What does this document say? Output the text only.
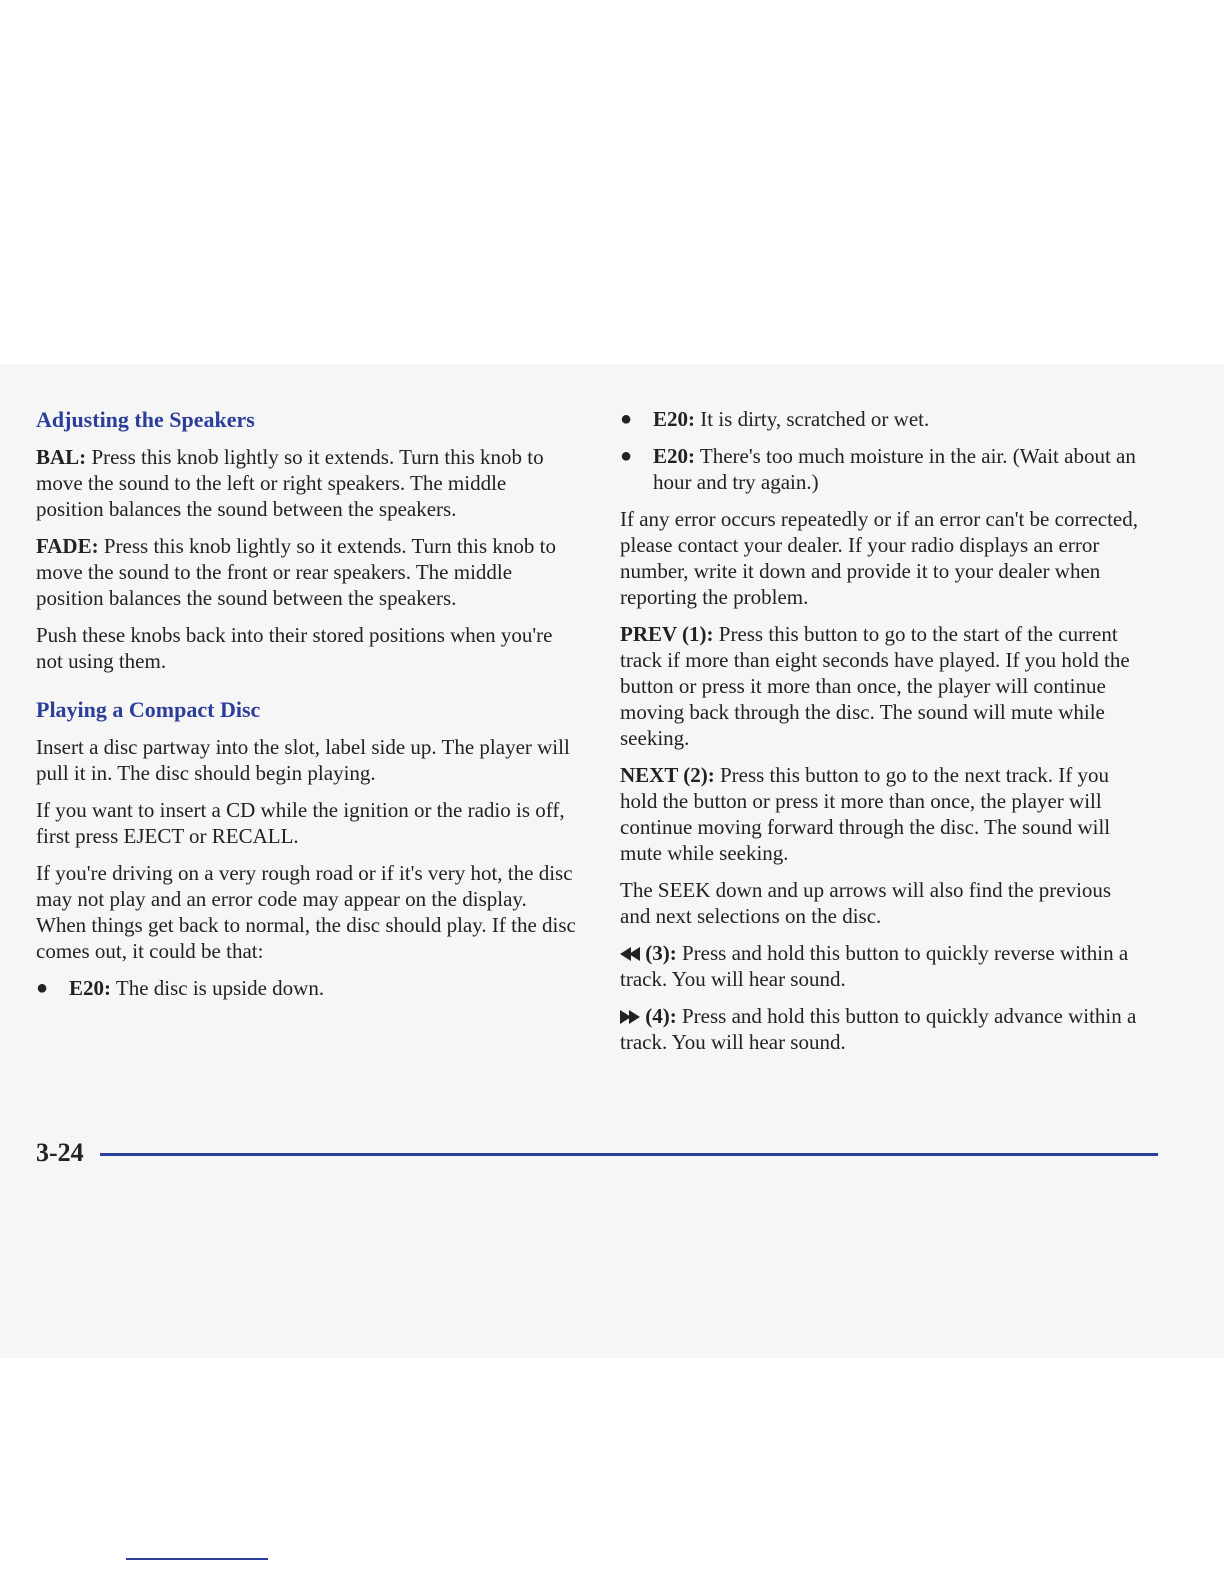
Adjusting the Speakers

BAL: Press this knob lightly so it extends. Turn this knob to move the sound to the left or right speakers. The middle position balances the sound between the speakers.

FADE: Press this knob lightly so it extends. Turn this knob to move the sound to the front or rear speakers. The middle position balances the sound between the speakers.

Push these knobs back into their stored positions when you're not using them.

Playing a Compact Disc

Insert a disc partway into the slot, label side up. The player will pull it in. The disc should begin playing.

If you want to insert a CD while the ignition or the radio is off, first press EJECT or RECALL.

If you're driving on a very rough road or if it's very hot, the disc may not play and an error code may appear on the display. When things get back to normal, the disc should play. If the disc comes out, it could be that:

● E20: The disc is upside down.
● E20: It is dirty, scratched or wet.
● E20: There's too much moisture in the air. (Wait about an hour and try again.)

If any error occurs repeatedly or if an error can't be corrected, please contact your dealer. If your radio displays an error number, write it down and provide it to your dealer when reporting the problem.

PREV (1): Press this button to go to the start of the current track if more than eight seconds have played. If you hold the button or press it more than once, the player will continue moving back through the disc. The sound will mute while seeking.

NEXT (2): Press this button to go to the next track. If you hold the button or press it more than once, the player will continue moving forward through the disc. The sound will mute while seeking.

The SEEK down and up arrows will also find the previous and next selections on the disc.

(3): Press and hold this button to quickly reverse within a track. You will hear sound.

(4): Press and hold this button to quickly advance within a track. You will hear sound.

3-24
